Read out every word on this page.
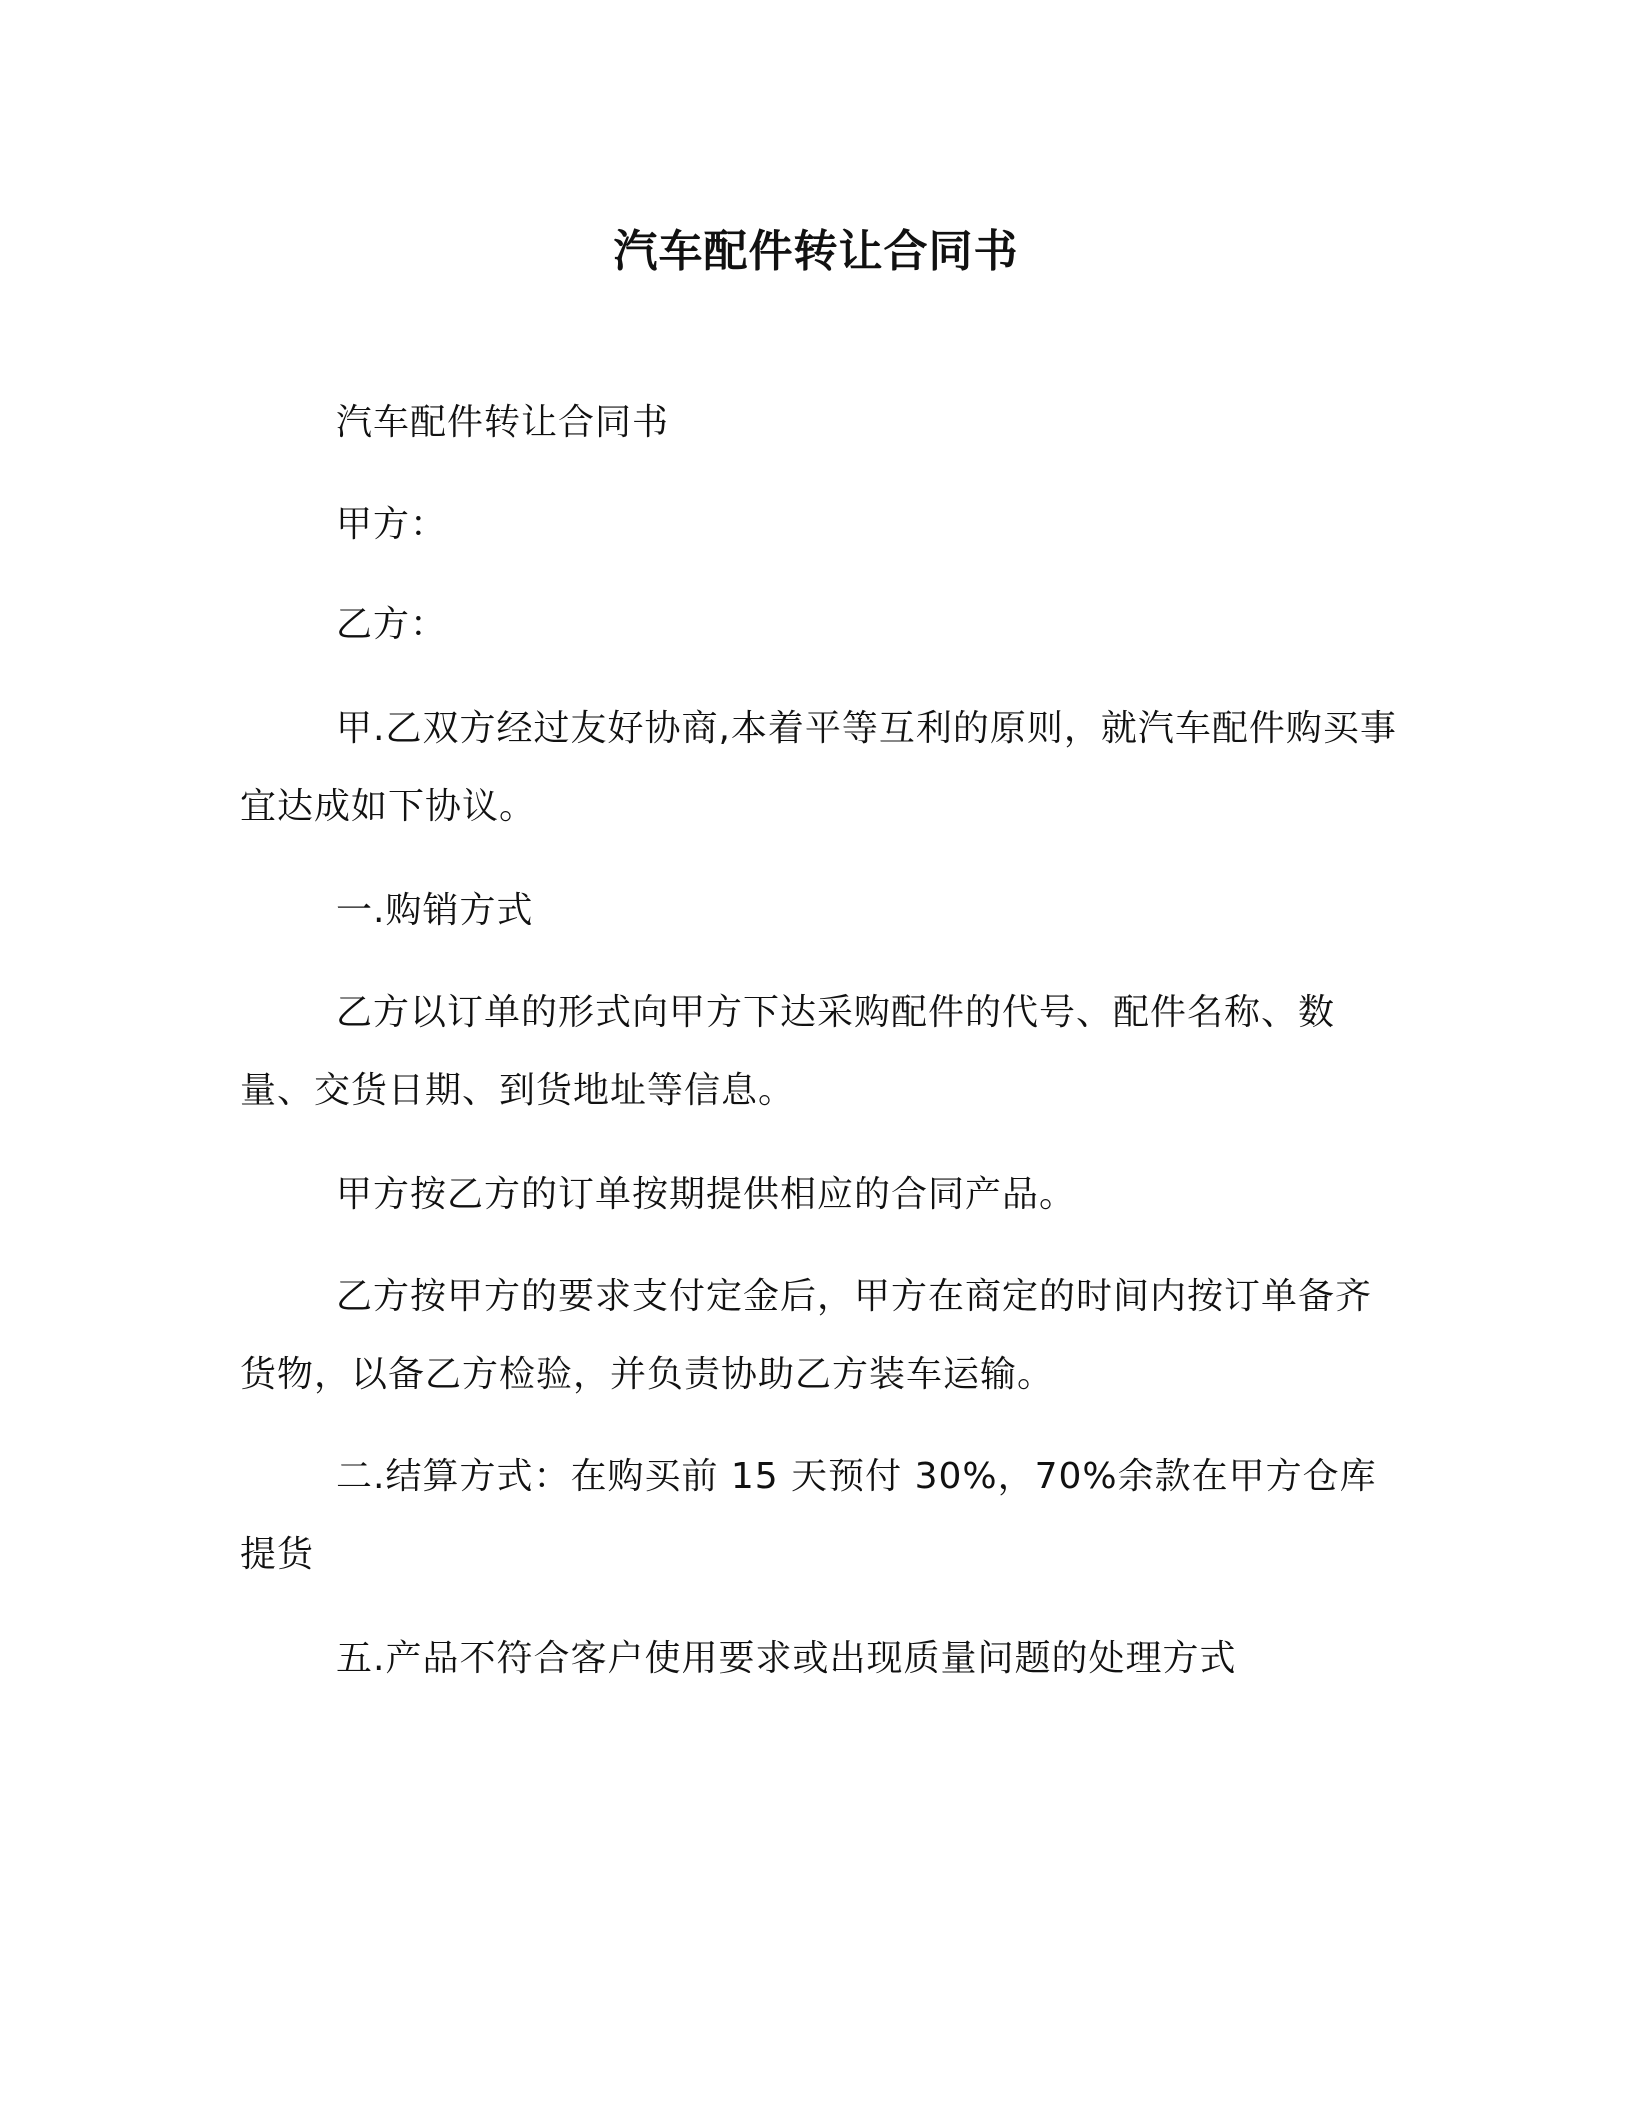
汽车配件转让合同书

汽车配件转让合同书

甲方：

乙方：

甲.乙双方经过友好协商,本着平等互利的原则，就汽车配件购买事宜达成如下协议。

一.购销方式

乙方以订单的形式向甲方下达采购配件的代号、配件名称、数量、交货日期、到货地址等信息。

甲方按乙方的订单按期提供相应的合同产品。

乙方按甲方的要求支付定金后，甲方在商定的时间内按订单备齐货物，以备乙方检验，并负责协助乙方装车运输。

二.结算方式：在购买前 15 天预付 30%，70%余款在甲方仓库提货

五.产品不符合客户使用要求或出现质量问题的处理方式
